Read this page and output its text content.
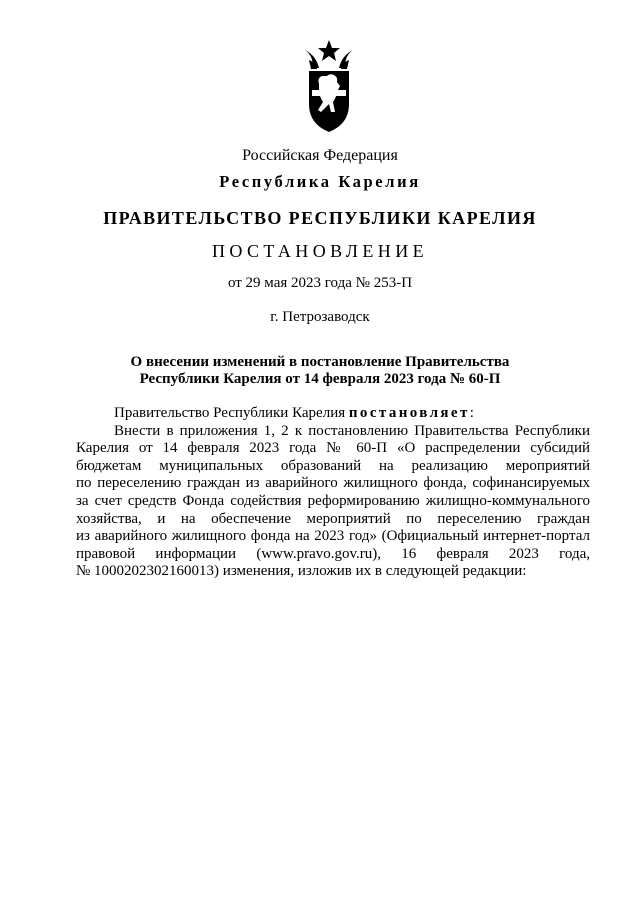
Российская Федерация
Республика Карелия
ПРАВИТЕЛЬСТВО РЕСПУБЛИКИ КАРЕЛИЯ
ПОСТАНОВЛЕНИЕ
от 29 мая 2023 года № 253-П
г. Петрозаводск
О внесении изменений в постановление Правительства
Республики Карелия от 14 февраля 2023 года № 60-П
Правительство Республики Карелия постановляет:
Внести в приложения 1, 2 к постановлению Правительства Республики
Карелия от 14 февраля 2023 года № 60-П «О распределении субсидий
бюджетам муниципальных образований на реализацию мероприятий
по переселению граждан из аварийного жилищного фонда, софинансируемых
за счет средств Фонда содействия реформированию жилищно-коммунального
хозяйства, и на обеспечение мероприятий по переселению граждан
из аварийного жилищного фонда на 2023 год» (Официальный интернет-портал
правовой информации (www.pravo.gov.ru), 16 февраля 2023 года,
№ 1000202302160013) изменения, изложив их в следующей редакции:
